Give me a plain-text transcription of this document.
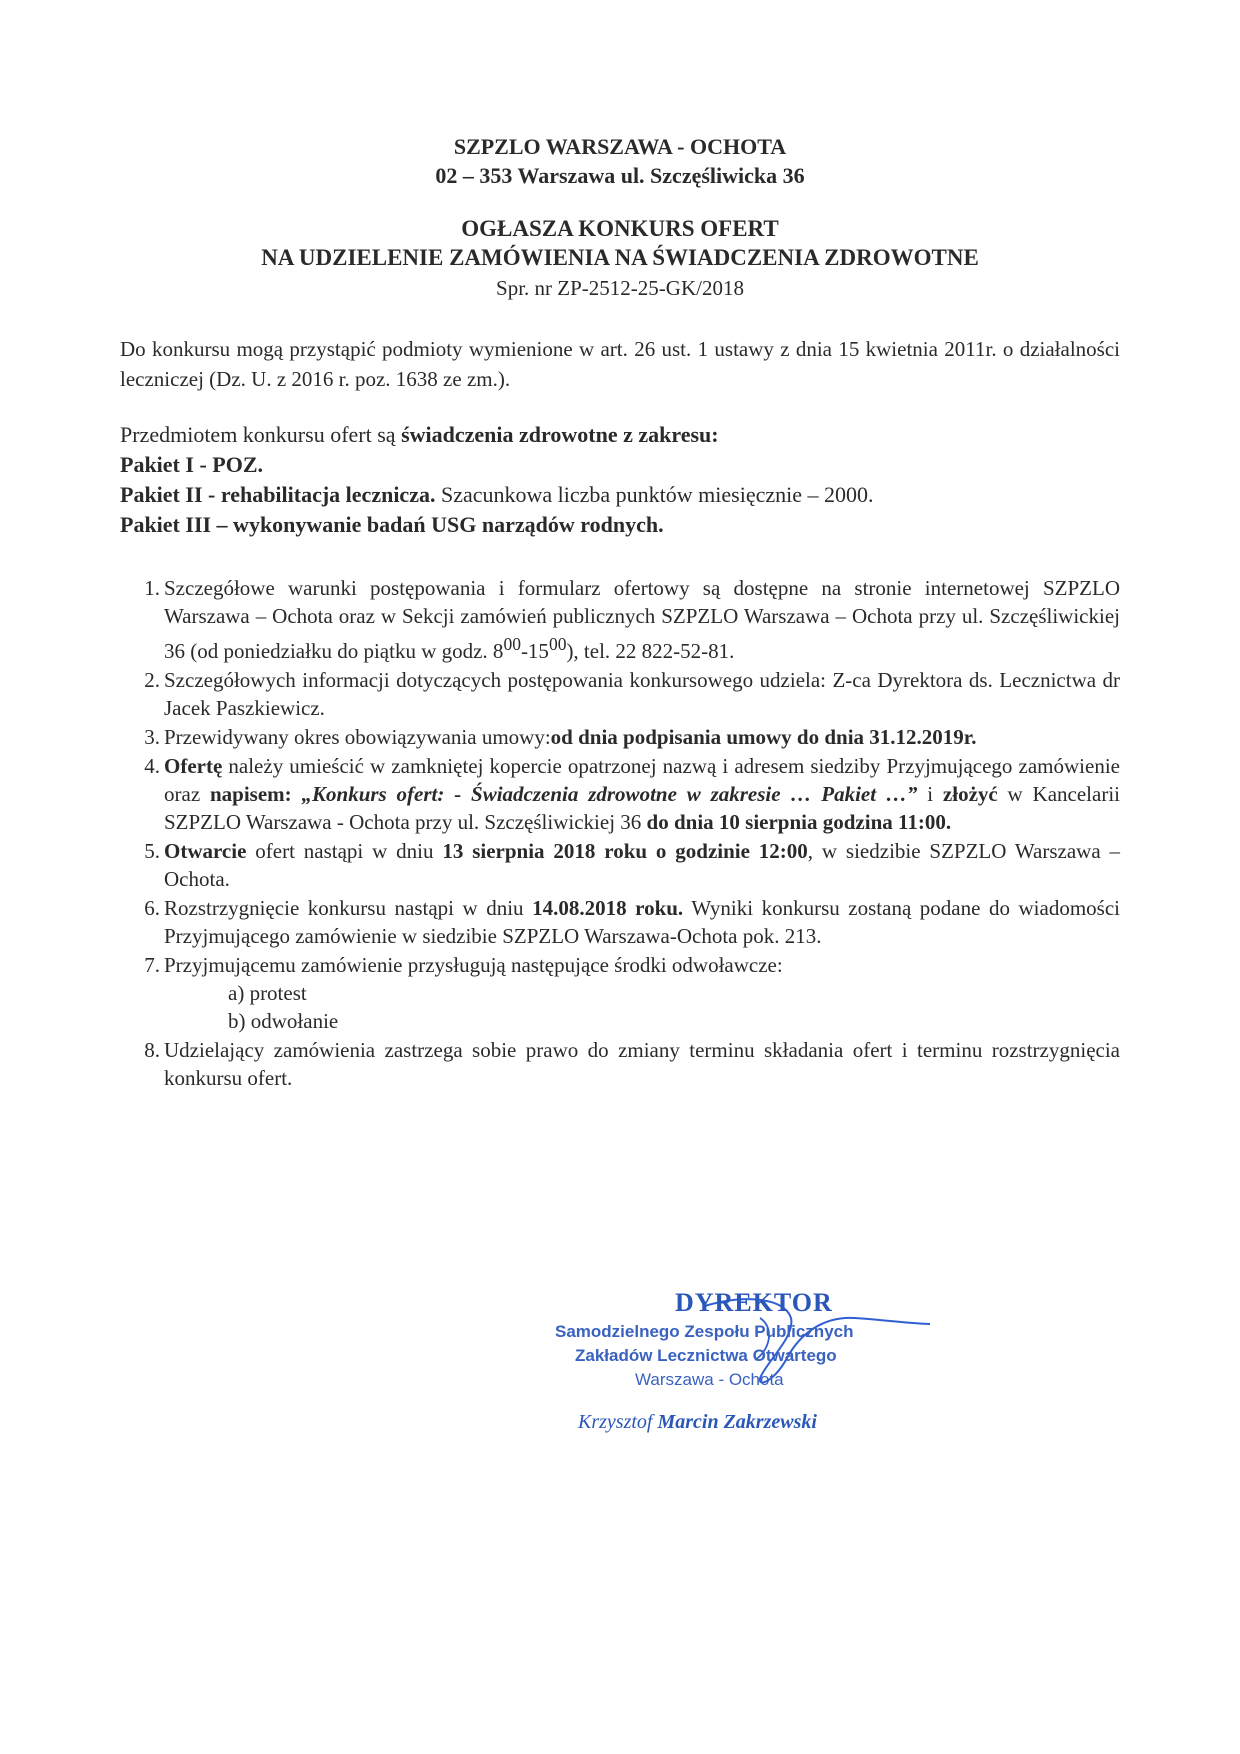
SZPZLO WARSZAWA - OCHOTA
02 – 353 Warszawa ul. Szczęśliwicka 36
OGŁASZA KONKURS OFERT
NA UDZIELENIE ZAMÓWIENIA NA ŚWIADCZENIA ZDROWOTNE
Spr. nr ZP-2512-25-GK/2018
Do konkursu mogą przystąpić podmioty wymienione w art. 26 ust. 1 ustawy z dnia 15 kwietnia 2011r. o działalności leczniczej (Dz. U. z 2016 r. poz. 1638 ze zm.).
Przedmiotem konkursu ofert są świadczenia zdrowotne z zakresu:
Pakiet I - POZ.
Pakiet II - rehabilitacja lecznicza. Szacunkowa liczba punktów miesięcznie – 2000.
Pakiet III – wykonywanie badań USG narządów rodnych.
1. Szczegółowe warunki postępowania i formularz ofertowy są dostępne na stronie internetowej SZPZLO Warszawa – Ochota oraz w Sekcji zamówień publicznych SZPZLO Warszawa – Ochota przy ul. Szczęśliwickiej 36 (od poniedziałku do piątku w godz. $8^{00}-15^{00}$), tel. 22 822-52-81.
2. Szczegółowych informacji dotyczących postępowania konkursowego udziela: Z-ca Dyrektora ds. Lecznictwa dr Jacek Paszkiewicz.
3. Przewidywany okres obowiązywania umowy:od dnia podpisania umowy do dnia 31.12.2019r.
4. Ofertę należy umieścić w zamkniętej kopercie opatrzonej nazwą i adresem siedziby Przyjmującego zamówienie oraz napisem: „Konkurs ofert: - Świadczenia zdrowotne w zakresie … Pakiet …” i złożyć w Kancelarii SZPZLO Warszawa - Ochota przy ul. Szczęśliwickiej 36 do dnia 10 sierpnia godzina 11:00.
5. Otwarcie ofert nastąpi w dniu 13 sierpnia 2018 roku o godzinie 12:00, w siedzibie SZPZLO Warszawa – Ochota.
6. Rozstrzygnięcie konkursu nastąpi w dniu 14.08.2018 roku. Wyniki konkursu zostaną podane do wiadomości Przyjmującego zamówienie w siedzibie SZPZLO Warszawa-Ochota pok. 213.
7. Przyjmującemu zamówienie przysługują następujące środki odwoławcze:
a) protest
b) odwołanie
8. Udzielający zamówienia zastrzega sobie prawo do zmiany terminu składania ofert i terminu rozstrzygnięcia konkursu ofert.
DYREKTOR
Samodzielnego Zespołu Publicznych
Zakładów Lecznictwa Otwartego
Warszawa - Ochota
Krzysztof Marcin Zakrzewski
